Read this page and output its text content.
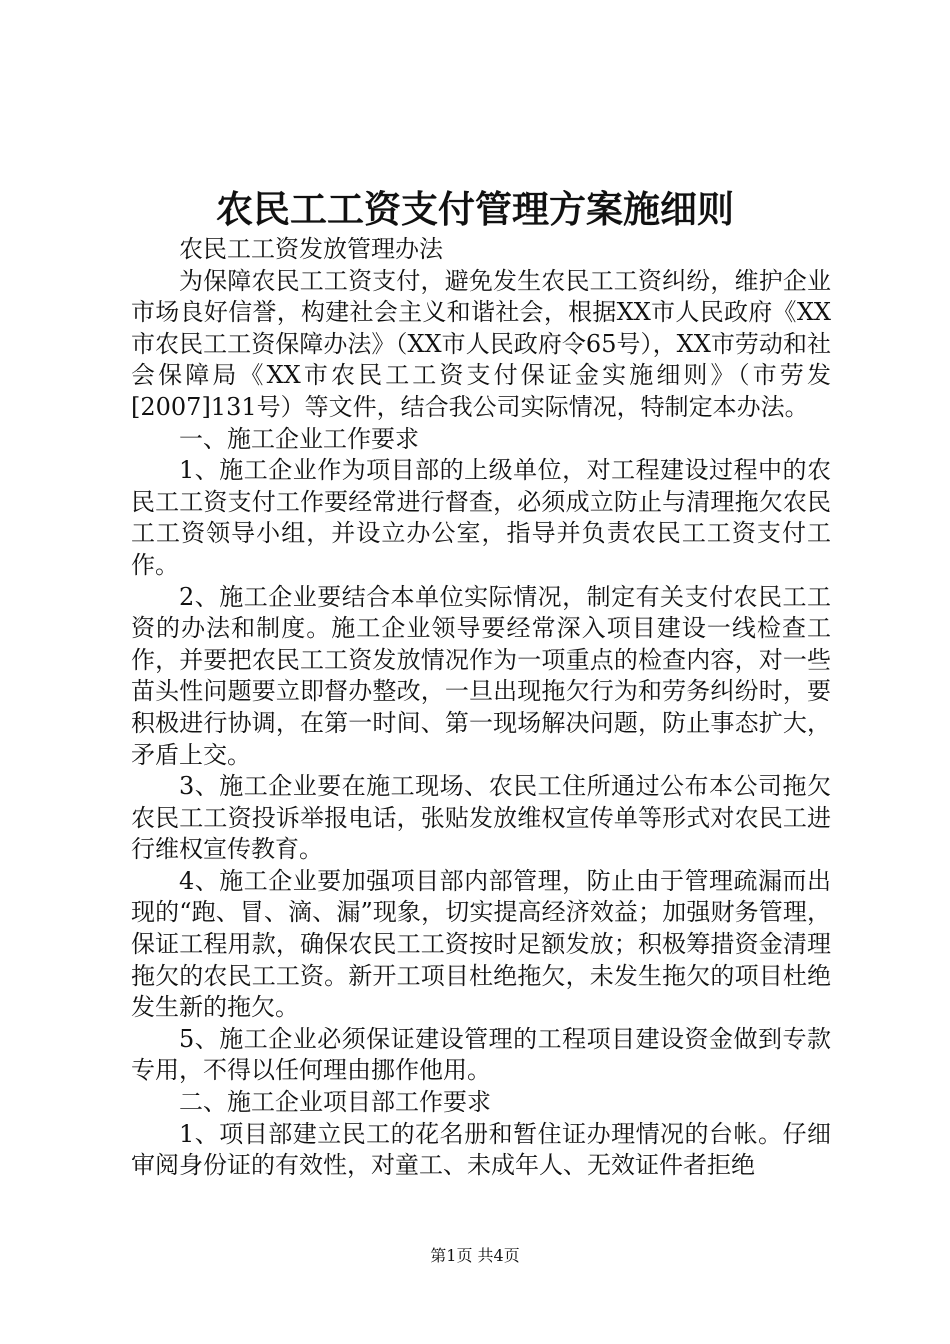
农民工工资支付管理方案施细则

农民工工资发放管理办法

为保障农民工工资支付，避免发生农民工工资纠纷，维护企业市场良好信誉，构建社会主义和谐社会，根据XX市人民政府《XX市农民工工资保障办法》（XX市人民政府令65号），XX市劳动和社会保障局《XX市农民工工资支付保证金实施细则》（市劳发[2007]131号）等文件，结合我公司实际情况，特制定本办法。

一、施工企业工作要求

1、施工企业作为项目部的上级单位，对工程建设过程中的农民工工资支付工作要经常进行督查，必须成立防止与清理拖欠农民工工资领导小组，并设立办公室，指导并负责农民工工资支付工作。

2、施工企业要结合本单位实际情况，制定有关支付农民工工资的办法和制度。施工企业领导要经常深入项目建设一线检查工作，并要把农民工工资发放情况作为一项重点的检查内容，对一些苗头性问题要立即督办整改，一旦出现拖欠行为和劳务纠纷时，要积极进行协调，在第一时间、第一现场解决问题，防止事态扩大，矛盾上交。

3、施工企业要在施工现场、农民工住所通过公布本公司拖欠农民工工资投诉举报电话，张贴发放维权宣传单等形式对农民工进行维权宣传教育。

4、施工企业要加强项目部内部管理，防止由于管理疏漏而出现的“跑、冒、滴、漏”现象，切实提高经济效益；加强财务管理，保证工程用款，确保农民工工资按时足额发放；积极筹措资金清理拖欠的农民工工资。新开工项目杜绝拖欠，未发生拖欠的项目杜绝发生新的拖欠。

5、施工企业必须保证建设管理的工程项目建设资金做到专款专用，不得以任何理由挪作他用。

二、施工企业项目部工作要求

1、项目部建立民工的花名册和暂住证办理情况的台帐。仔细审阅身份证的有效性，对童工、未成年人、无效证件者拒绝

第1页 共4页
